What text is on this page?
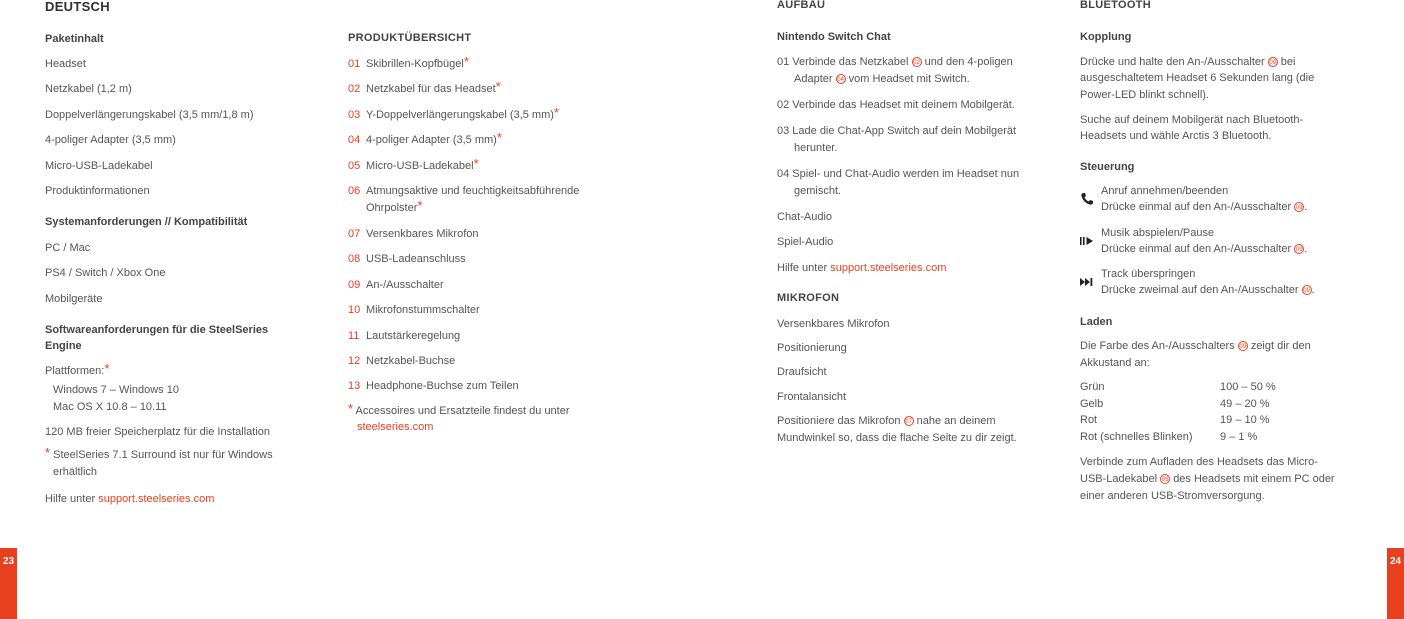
DEUTSCH
Paketinhalt
Headset
Netzkabel (1,2 m)
Doppelverlängerungskabel (3,5 mm/1,8 m)
4-poliger Adapter (3,5 mm)
Micro-USB-Ladekabel
Produktinformationen
Systemanforderungen // Kompatibilität
PC / Mac
PS4 / Switch / Xbox One
Mobilgeräte
Softwareanforderungen für die SteelSeries
Engine
Plattformen:*
Windows 7 – Windows 10
Mac OS X 10.8 – 10.11
120 MB freier Speicherplatz für die Installation
* SteelSeries 7.1 Surround ist nur für Windows
erhältlich
Hilfe unter support.steelseries.com
PRODUKTÜBERSICHT
01 Skibrillen-Kopfbügel*
02 Netzkabel für das Headset*
03 Y-Doppelverlängerungskabel (3,5 mm)*
04 4-poliger Adapter (3,5 mm)*
05 Micro-USB-Ladekabel*
06 Atmungsaktive und feuchtigkeitsabführende
Ohrpolster*
07 Versenkbares Mikrofon
08 USB-Ladeanschluss
09 An-/Ausschalter
10 Mikrofonstummschalter
11 Lautstärkeregelung
12 Netzkabel-Buchse
13 Headphone-Buchse zum Teilen
* Accessoires und Ersatzteile findest du unter
steelseries.com
AUFBAU
Nintendo Switch Chat
01 Verbinde das Netzkabel 02 und den 4-poligen
Adapter 04 vom Headset mit Switch.
02 Verbinde das Headset mit deinem Mobilgerät.
03 Lade die Chat-App Switch auf dein Mobilgerät
herunter.
04 Spiel- und Chat-Audio werden im Headset nun
gemischt.
Chat-Audio
Spiel-Audio
Hilfe unter support.steelseries.com
MIKROFON
Versenkbares Mikrofon
Positionierung
Draufsicht
Frontalansicht
Positioniere das Mikrofon 07 nahe an deinem
Mundwinkel so, dass die flache Seite zu dir zeigt.
BLUETOOTH
Kopplung
Drücke und halte den An-/Ausschalter 09 bei
ausgeschaltetem Headset 6 Sekunden lang (die
Power-LED blinkt schnell).
Suche auf deinem Mobilgerät nach Bluetooth-
Headsets und wähle Arctis 3 Bluetooth.
Steuerung
Anruf annehmen/beenden
Drücke einmal auf den An-/Ausschalter 09 .
Musik abspielen/Pause
Drücke einmal auf den An-/Ausschalter 09 .
Track überspringen
Drücke zweimal auf den An-/Ausschalter 09 .
Laden
Die Farbe des An-/Ausschalters 09 zeigt dir den
Akkustand an:
Grün	100 – 50 %
Gelb	49 – 20 %
Rot	19 – 10 %
Rot (schnelles Blinken)	9 – 1 %
Verbinde zum Aufladen des Headsets das Micro-
USB-Ladekabel 05 des Headsets mit einem PC oder
einer anderen USB-Stromversorgung.
23	24
